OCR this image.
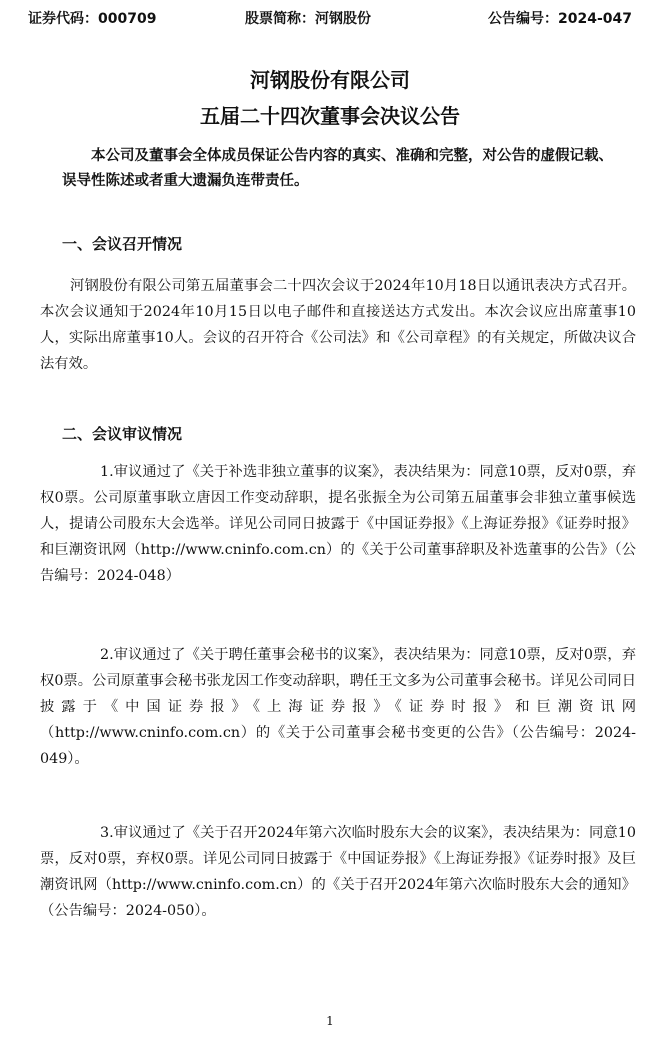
证券代码：000709	股票简称：河钢股份	公告编号：2024-047
河钢股份有限公司
五届二十四次董事会决议公告
本公司及董事会全体成员保证公告内容的真实、准确和完整，对公告的虚假记载、误导性陈述或者重大遗漏负连带责任。
一、会议召开情况
河钢股份有限公司第五届董事会二十四次会议于2024年10月18日以通讯表决方式召开。本次会议通知于2024年10月15日以电子邮件和直接送达方式发出。本次会议应出席董事10人，实际出席董事10人。会议的召开符合《公司法》和《公司章程》的有关规定，所做决议合法有效。
二、会议审议情况
1.审议通过了《关于补选非独立董事的议案》，表决结果为：同意10票，反对0票，弃权0票。公司原董事耿立唐因工作变动辞职，提名张振全为公司第五届董事会非独立董事候选人，提请公司股东大会选举。详见公司同日披露于《中国证券报》《上海证券报》《证券时报》和巨潮资讯网（http://www.cninfo.com.cn）的《关于公司董事辞职及补选董事的公告》（公告编号：2024-048）
2.审议通过了《关于聘任董事会秘书的议案》，表决结果为：同意10票，反对0票，弃权0票。公司原董事会秘书张龙因工作变动辞职，聘任王文多为公司董事会秘书。详见公司同日披露于《中国证券报》《上海证券报》《证券时报》和巨潮资讯网（http://www.cninfo.com.cn）的《关于公司董事会秘书变更的公告》（公告编号：2024-049）。
3.审议通过了《关于召开2024年第六次临时股东大会的议案》，表决结果为：同意10票，反对0票，弃权0票。详见公司同日披露于《中国证券报》《上海证券报》《证券时报》及巨潮资讯网（http://www.cninfo.com.cn）的《关于召开2024年第六次临时股东大会的通知》（公告编号：2024-050）。
1
